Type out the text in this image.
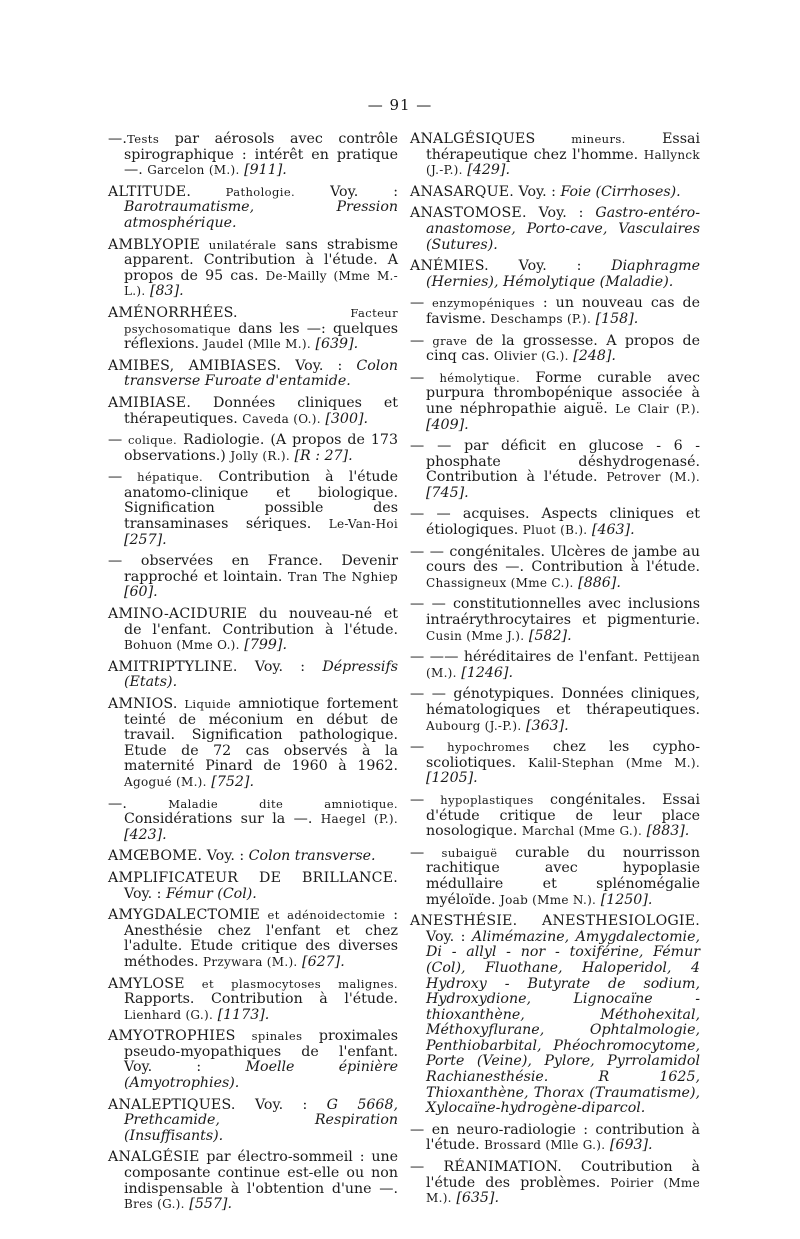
— 91 —

—.Tests par aérosols avec contrôle spirographique : intérêt en pratique —. Garcelon (M.). [911].

ALTITUDE. Pathologie. Voy. : Barotraumatisme, Pression atmosphérique.

AMBLYOPIE unilatérale sans strabisme apparent. Contribution à l'étude. A propos de 95 cas. De-Mailly (Mme M.-L.). [83].

AMÉNORRHÉES. Facteur psychosomatique dans les —: quelques réflexions. Jaudel (Mlle M.). [639].

AMIBES, AMIBIASES. Voy. : Colon transverse Furoate d'entamide.

AMIBIASE. Données cliniques et thérapeutiques. Caveda (O.). [300].

— colique. Radiologie. (A propos de 173 observations.) Jolly (R.). [R : 27].

— hépatique. Contribution à l'étude anatomo-clinique et biologique. Signification possible des transaminases sériques. Le-Van-Hoi [257].

— observées en France. Devenir rapproché et lointain. Tran The Nghiep [60].

AMINO-ACIDURIE du nouveau-né et de l'enfant. Contribution à l'étude. Bohuon (Mme O.). [799].

AMITRIPTYLINE. Voy. : Dépressifs (Etats).

AMNIOS. Liquide amniotique fortement teinté de méconium en début de travail. Signification pathologique. Etude de 72 cas observés à la maternité Pinard de 1960 à 1962. Agogué (M.). [752].

—. Maladie dite amniotique. Considérations sur la —. Haegel (P.). [423].

AMŒBOME. Voy. : Colon transverse.

AMPLIFICATEUR DE BRILLANCE. Voy. : Fémur (Col).

AMYGDALECTOMIE et adénoidectomie : Anesthésie chez l'enfant et chez l'adulte. Etude critique des diverses méthodes. Przywara (M.). [627].

AMYLOSE et plasmocytoses malignes. Rapports. Contribution à l'étude. Lienhard (G.). [1173].

AMYOTROPHIES spinales proximales pseudo-myopathiques de l'enfant. Voy. : Moelle épinière (Amyotrophies).

ANALEPTIQUES. Voy. : G 5668, Prethcamide, Respiration (Insuffisants).

ANALGÉSIE par électro-sommeil : une composante continue est-elle ou non indispensable à l'obtention d'une —. Bres (G.). [557].

ANALGÉSIQUES mineurs. Essai thérapeutique chez l'homme. Hallynck (J.-P.). [429].

ANASARQUE. Voy. : Foie (Cirrhoses).

ANASTOMOSE. Voy. : Gastro-entéro-anastomose, Porto-cave, Vasculaires (Sutures).

ANÉMIES. Voy. : Diaphragme (Hernies), Hémolytique (Maladie).

— enzymopéniques : un nouveau cas de favisme. Deschamps (P.). [158].

— grave de la grossesse. A propos de cinq cas. Olivier (G.). [248].

— hémolytique. Forme curable avec purpura thrombopénique associée à une néphropathie aiguë. Le Clair (P.). [409].

— — par déficit en glucose - 6 - phosphate déshydrogenasé. Contribution à l'étude. Petrover (M.). [745].

— — acquises. Aspects cliniques et étiologiques. Pluot (B.). [463].

— — congénitales. Ulcères de jambe au cours des —. Contribution à l'étude. Chassigneux (Mme C.). [886].

— — constitutionnelles avec inclusions intraérythrocytaires et pigmenturie. Cusin (Mme J.). [582].

— —— héréditaires de l'enfant. Pettijean (M.). [1246].

— — génotypiques. Données cliniques, hématologiques et thérapeutiques. Aubourg (J.-P.). [363].

— hypochromes chez les cypho-scoliotiques. Kalil-Stephan (Mme M.). [1205].

— hypoplastiques congénitales. Essai d'étude critique de leur place nosologique. Marchal (Mme G.). [883].

— subaiguë curable du nourrisson rachitique avec hypoplasie médullaire et splénomégalie myéloïde. Joab (Mme N.). [1250].

ANESTHÉSIE. ANESTHESIOLOGIE. Voy. : Alimémazine, Amygdalectomie, Di - allyl - nor - toxiférine, Fémur (Col), Fluothane, Haloperidol, 4 Hydroxy - Butyrate de sodium, Hydroxydione, Lignocaïne - thioxanthène, Méthohexital, Méthoxyflurane, Ophtalmologie, Penthiobarbital, Phéochromocytome, Porte (Veine), Pylore, Pyrrolamidol Rachianesthésie. R 1625, Thioxanthène, Thorax (Traumatisme), Xylocaïne-hydrogène-diparcol.

— en neuro-radiologie : contribution à l'étude. Brossard (Mlle G.). [693].

— RÉANIMATION. Coutribution à l'étude des problèmes. Poirier (Mme M.). [635].
